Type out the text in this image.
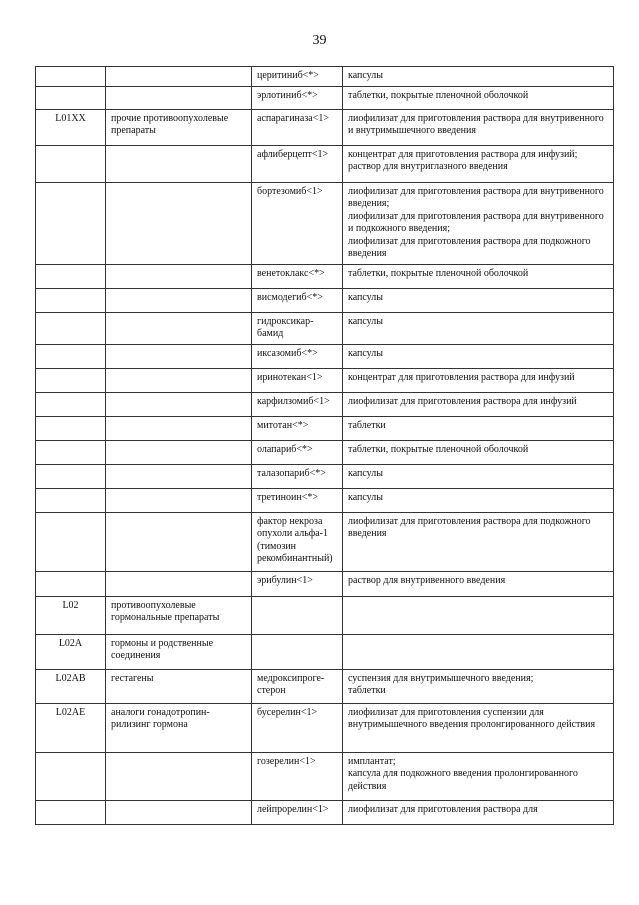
39
		церитиниб<*>	капсулы

		эрлотиниб<*>	таблетки, покрытые пленочной оболочкой

L01XX	прочие противоопухолевые препараты	аспарагиназа<1>	лиофилизат для приготовления раствора для внутривенного и внутримышечного введения

		афлиберцепт<1>	концентрат для приготовления раствора для инфузий;
раствор для внутриглазного введения

		бортезомиб<1>	лиофилизат для приготовления раствора для внутривенного введения;
лиофилизат для приготовления раствора для внутривенного и подкожного введения;
лиофилизат для приготовления раствора для подкожного введения

		венетоклакс<*>	таблетки, покрытые пленочной оболочкой

		висмодегиб<*>	капсулы

		гидроксикар-бамид	капсулы

		иксазомиб<*>	капсулы

		иринотекан<1>	концентрат для приготовления раствора для инфузий

		карфилзомиб<1>	лиофилизат для приготовления раствора для инфузий

		митотан<*>	таблетки

		олапариб<*>	таблетки, покрытые пленочной оболочкой

		талазопариб<*>	капсулы

		третиноин<*>	капсулы

		фактор некроза опухоли альфа-1 (тимозин рекомбинантный)	лиофилизат для приготовления раствора для подкожного введения

		эрибулин<1>	раствор для внутривенного введения

L02	противоопухолевые гормональные препараты		
L02A	гормоны и родственные соединения		
L02AB	гестагены	медроксипроге-стерон	суспензия для внутримышечного введения;
таблетки

L02AE	аналоги гонадотропин-рилизинг гормона	бусерелин<1>	лиофилизат для приготовления суспензии для внутримышечного введения пролонгированного действия

		гозерелин<1>	имплантат;
капсула для подкожного введения пролонгированного действия

		лейпрорелин<1>	лиофилизат для приготовления раствора для
